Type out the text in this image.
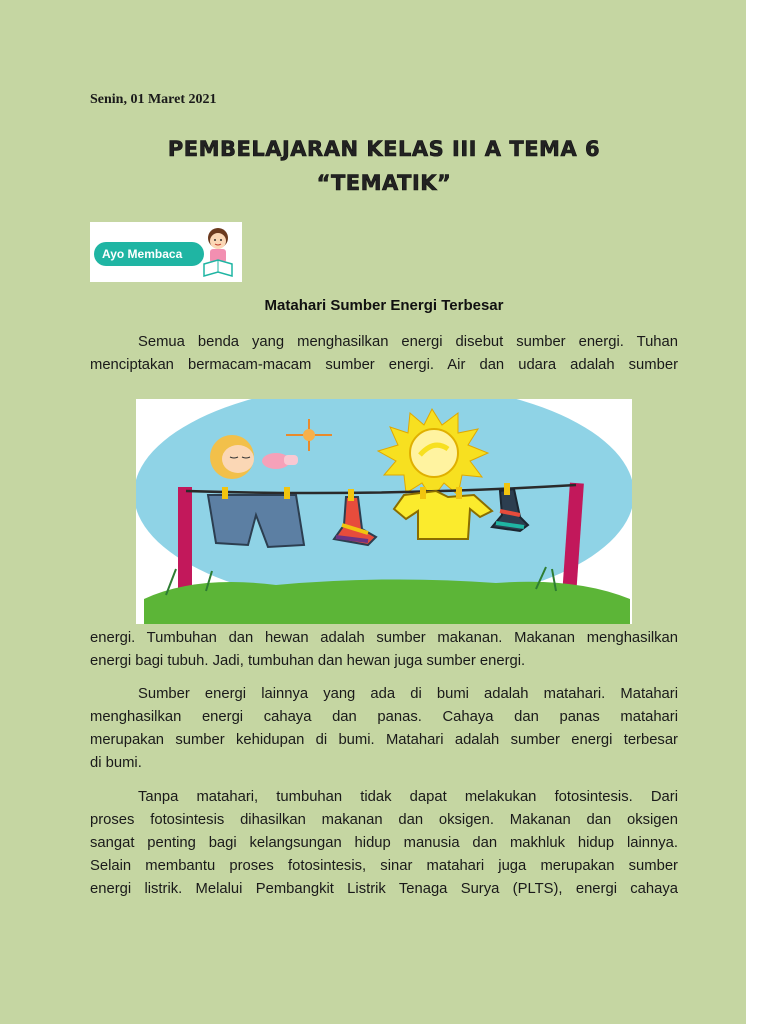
Senin, 01 Maret 2021
PEMBELAJARAN KELAS III A TEMA 6
“TEMATIK”
Ayo Membaca
Matahari Sumber Energi Terbesar
Semua benda yang menghasilkan energi disebut sumber energi. Tuhan
menciptakan bermacam-macam sumber energi. Air dan udara adalah sumber
energi. Tumbuhan dan hewan adalah sumber makanan. Makanan menghasilkan
energi bagi tubuh. Jadi, tumbuhan dan hewan juga sumber energi.
Sumber energi lainnya yang ada di bumi adalah matahari. Matahari
menghasilkan energi cahaya dan panas. Cahaya dan panas matahari
merupakan sumber kehidupan di bumi. Matahari adalah sumber energi terbesar
di bumi.
Tanpa matahari, tumbuhan tidak dapat melakukan fotosintesis. Dari
proses fotosintesis dihasilkan makanan dan oksigen. Makanan dan oksigen
sangat penting bagi kelangsungan hidup manusia dan makhluk hidup lainnya.
Selain membantu proses fotosintesis, sinar matahari juga merupakan sumber
energi listrik. Melalui Pembangkit Listrik Tenaga Surya (PLTS), energi cahaya
